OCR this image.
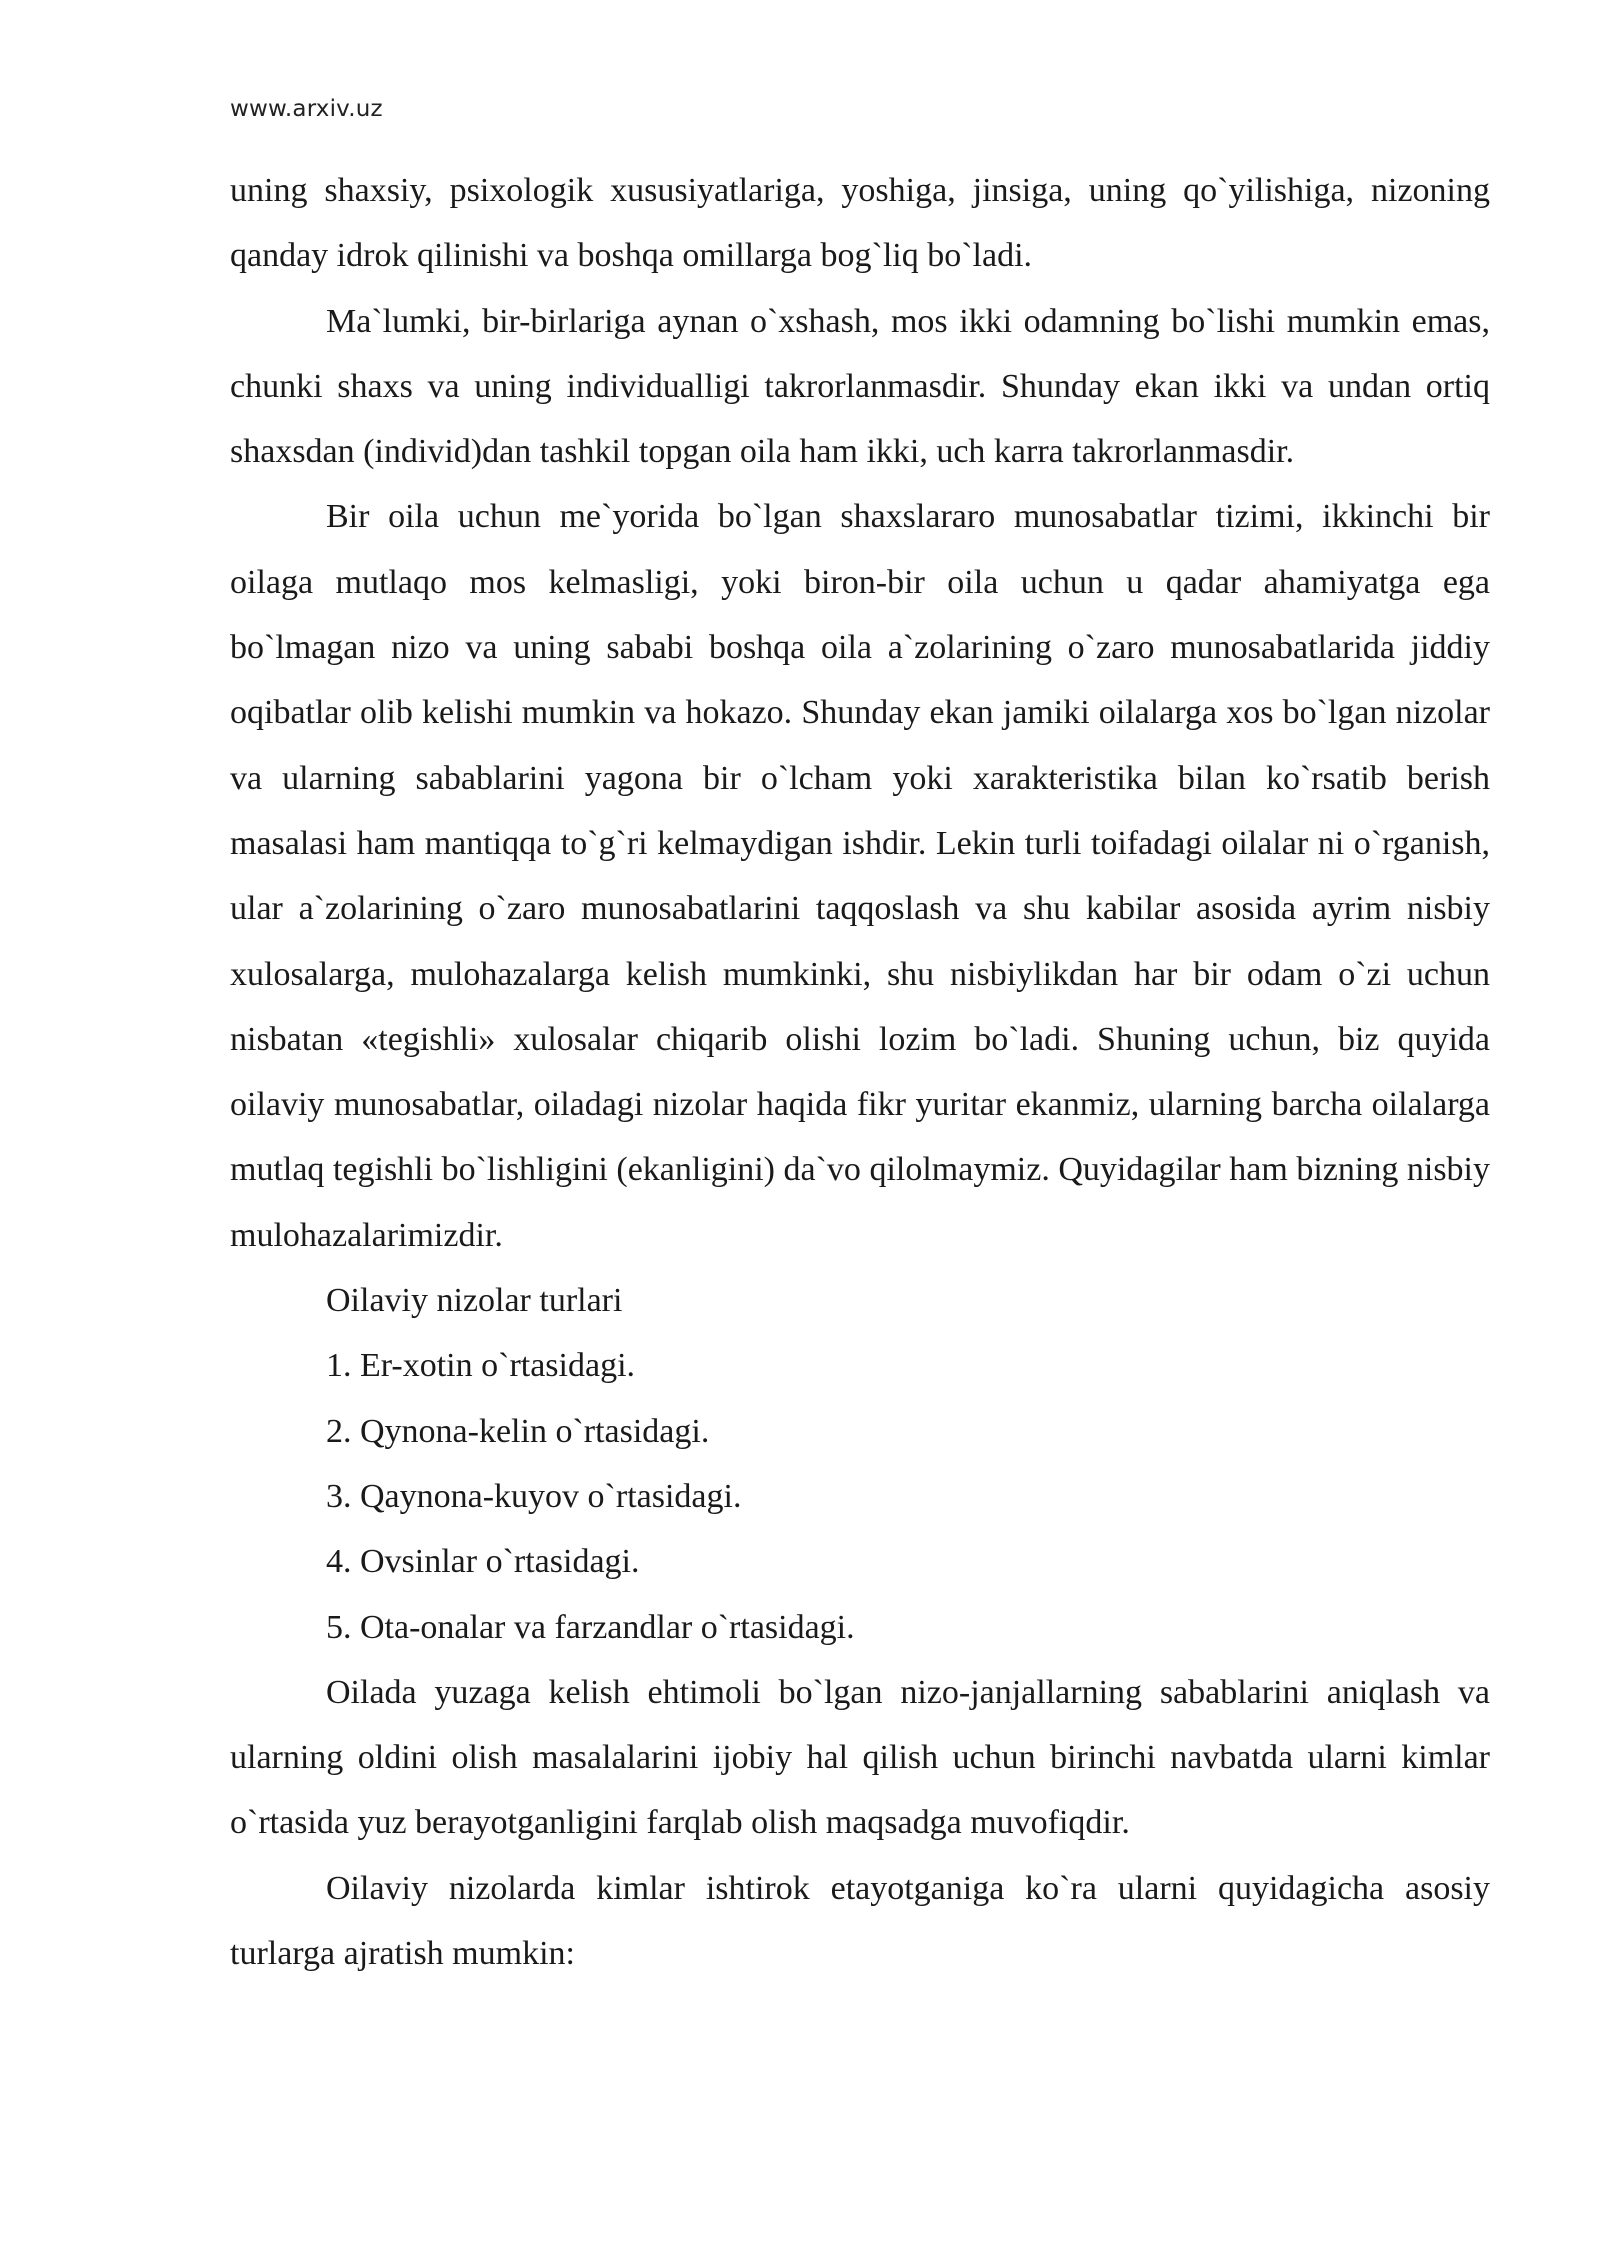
www.arxiv.uz

uning shaxsiy, psixologik xususiyatlariga, yoshiga, jinsiga, uning qo`yilishiga, nizoning qanday idrok qilinishi va boshqa omillarga bog`liq bo`ladi.

Ma`lumki, bir-birlariga aynan o`xshash, mos ikki odamning bo`lishi mumkin emas, chunki shaxs va uning individualligi takrorlanmasdir. Shunday ekan ikki va undan ortiq shaxsdan (individ)dan tashkil topgan oila ham ikki, uch karra takrorlanmasdir.

Bir oila uchun me`yorida bo`lgan shaxslararo munosabatlar tizimi, ikkinchi bir oilaga mutlaqo mos kelmasligi, yoki biron-bir oila uchun u qadar ahamiyatga ega bo`lmagan nizo va uning sababi boshqa oila a`zolarining o`zaro munosabatlarida jiddiy oqibatlar olib kelishi mumkin va hokazo. Shunday ekan jamiki oilalarga xos bo`lgan nizolar va ularning sabablarini yagona bir o`lcham yoki xarakteristika bilan ko`rsatib berish masalasi ham mantiqqa to`g`ri kelmaydigan ishdir. Lekin turli toifadagi oilalar ni o`rganish, ular a`zolarining o`zaro munosabatlarini taqqoslash va shu kabilar asosida ayrim nisbiy xulosalarga, mulohazalarga kelish mumkinki, shu nisbiylikdan har bir odam o`zi uchun nisbatan «tegishli» xulosalar chiqarib olishi lozim bo`ladi. Shuning uchun, biz quyida oilaviy munosabatlar, oiladagi nizolar haqida fikr yuritar ekanmiz, ularning barcha oilalarga mutlaq tegishli bo`lishligini (ekanligini) da`vo qilolmaymiz. Quyidagilar ham bizning nisbiy mulohazalarimizdir.

Oilaviy nizolar turlari

1. Er-xotin o`rtasidagi.
2. Qynona-kelin o`rtasidagi.
3. Qaynona-kuyov o`rtasidagi.
4. Ovsinlar o`rtasidagi.
5. Ota-onalar va farzandlar o`rtasidagi.

Oilada yuzaga kelish ehtimoli bo`lgan nizo-janjallarning sabablarini aniqlash va ularning oldini olish masalalarini ijobiy hal qilish uchun birinchi navbatda ularni kimlar o`rtasida yuz berayotganligini farqlab olish maqsadga muvofiqdir.

Oilaviy nizolarda kimlar ishtirok etayotganiga ko`ra ularni quyidagicha asosiy turlarga ajratish mumkin:
